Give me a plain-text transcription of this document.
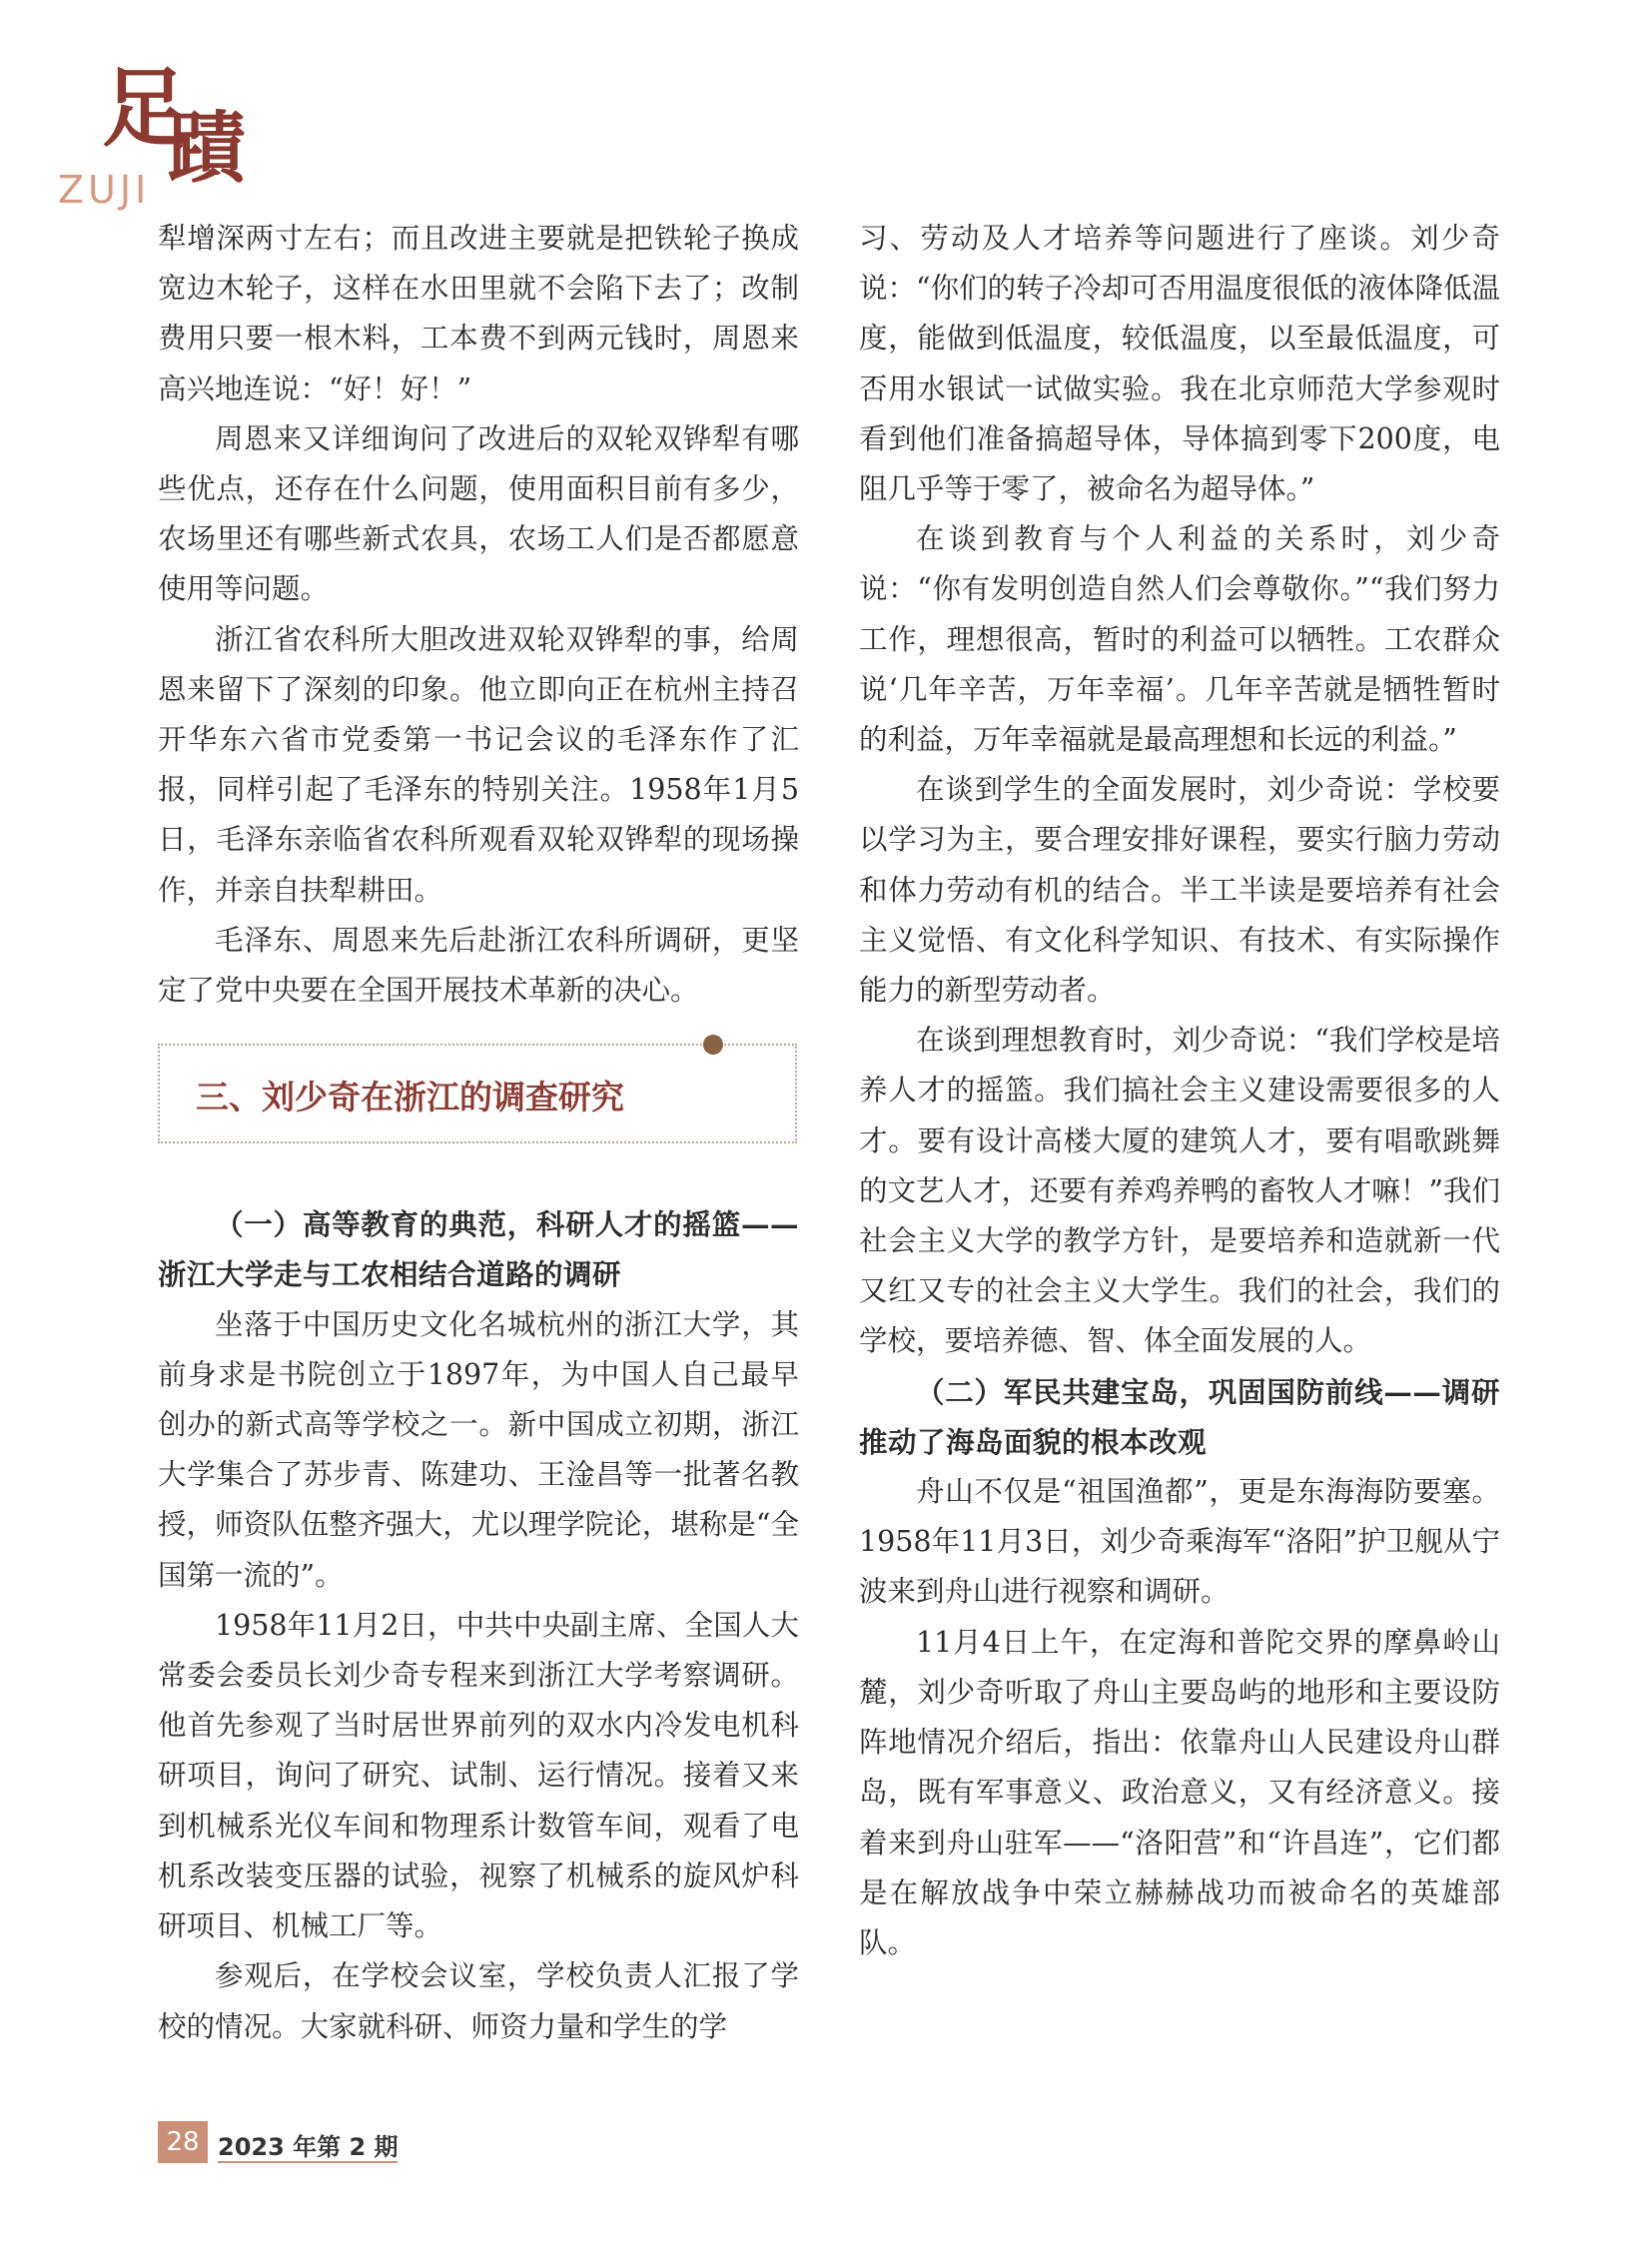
足
蹟
ZUJI

犁增深两寸左右；而且改进主要就是把铁轮子换成宽边木轮子，这样在水田里就不会陷下去了；改制费用只要一根木料，工本费不到两元钱时，周恩来高兴地连说：“好！好！”

周恩来又详细询问了改进后的双轮双铧犁有哪些优点，还存在什么问题，使用面积目前有多少，农场里还有哪些新式农具，农场工人们是否都愿意使用等问题。

浙江省农科所大胆改进双轮双铧犁的事，给周恩来留下了深刻的印象。他立即向正在杭州主持召开华东六省市党委第一书记会议的毛泽东作了汇报，同样引起了毛泽东的特别关注。1958年1月5日，毛泽东亲临省农科所观看双轮双铧犁的现场操作，并亲自扶犁耕田。

毛泽东、周恩来先后赴浙江农科所调研，更坚定了党中央要在全国开展技术革新的决心。

三、刘少奇在浙江的调查研究

（一）高等教育的典范，科研人才的摇篮——浙江大学走与工农相结合道路的调研

坐落于中国历史文化名城杭州的浙江大学，其前身求是书院创立于1897年，为中国人自己最早创办的新式高等学校之一。新中国成立初期，浙江大学集合了苏步青、陈建功、王淦昌等一批著名教授，师资队伍整齐强大，尤以理学院论，堪称是“全国第一流的”。

1958年11月2日，中共中央副主席、全国人大常委会委员长刘少奇专程来到浙江大学考察调研。他首先参观了当时居世界前列的双水内冷发电机科研项目，询问了研究、试制、运行情况。接着又来到机械系光仪车间和物理系计数管车间，观看了电机系改装变压器的试验，视察了机械系的旋风炉科研项目、机械工厂等。

参观后，在学校会议室，学校负责人汇报了学校的情况。大家就科研、师资力量和学生的学

习、劳动及人才培养等问题进行了座谈。刘少奇说：“你们的转子冷却可否用温度很低的液体降低温度，能做到低温度，较低温度，以至最低温度，可否用水银试一试做实验。我在北京师范大学参观时看到他们准备搞超导体，导体搞到零下200度，电阻几乎等于零了，被命名为超导体。”

在谈到教育与个人利益的关系时，刘少奇说：“你有发明创造自然人们会尊敬你。”“我们努力工作，理想很高，暂时的利益可以牺牲。工农群众说‘几年辛苦，万年幸福’。几年辛苦就是牺牲暂时的利益，万年幸福就是最高理想和长远的利益。”

在谈到学生的全面发展时，刘少奇说：学校要以学习为主，要合理安排好课程，要实行脑力劳动和体力劳动有机的结合。半工半读是要培养有社会主义觉悟、有文化科学知识、有技术、有实际操作能力的新型劳动者。

在谈到理想教育时，刘少奇说：“我们学校是培养人才的摇篮。我们搞社会主义建设需要很多的人才。要有设计高楼大厦的建筑人才，要有唱歌跳舞的文艺人才，还要有养鸡养鸭的畜牧人才嘛！”我们社会主义大学的教学方针，是要培养和造就新一代又红又专的社会主义大学生。我们的社会，我们的学校，要培养德、智、体全面发展的人。

（二）军民共建宝岛，巩固国防前线——调研推动了海岛面貌的根本改观

舟山不仅是“祖国渔都”，更是东海海防要塞。1958年11月3日，刘少奇乘海军“洛阳”护卫舰从宁波来到舟山进行视察和调研。

11月4日上午，在定海和普陀交界的摩鼻岭山麓，刘少奇听取了舟山主要岛屿的地形和主要设防阵地情况介绍后，指出：依靠舟山人民建设舟山群岛，既有军事意义、政治意义，又有经济意义。接着来到舟山驻军——“洛阳营”和“许昌连”，它们都是在解放战争中荣立赫赫战功而被命名的英雄部队。

28 2023 年第 2 期
